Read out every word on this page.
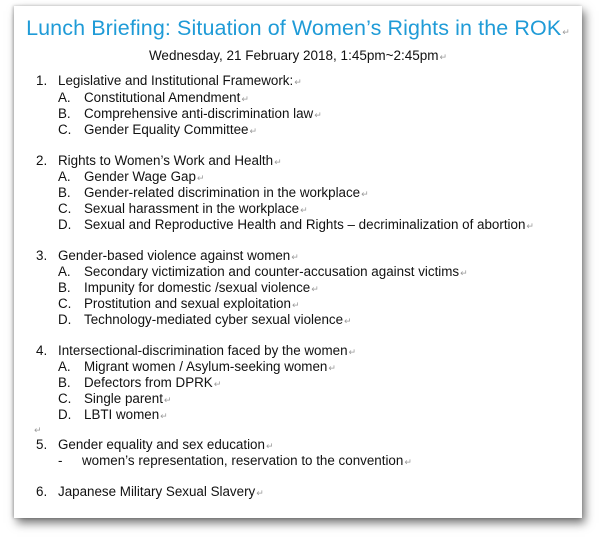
Lunch Briefing: Situation of Women’s Rights in the ROK↵
Wednesday, 21 February 2018, 1:45pm~2:45pm↵
1. Legislative and Institutional Framework:↵
A. Constitutional Amendment↵
B. Comprehensive anti-discrimination law↵
C. Gender Equality Committee↵
2. Rights to Women’s Work and Health↵
A. Gender Wage Gap↵
B. Gender-related discrimination in the workplace↵
C. Sexual harassment in the workplace↵
D. Sexual and Reproductive Health and Rights – decriminalization of abortion↵
3. Gender-based violence against women↵
A. Secondary victimization and counter-accusation against victims↵
B. Impunity for domestic /sexual violence↵
C. Prostitution and sexual exploitation↵
D. Technology-mediated cyber sexual violence↵
4. Intersectional-discrimination faced by the women↵
A. Migrant women / Asylum-seeking women↵
B. Defectors from DPRK↵
C. Single parent↵
D. LBTI women↵
↵
5. Gender equality and sex education↵
- women’s representation, reservation to the convention↵
6. Japanese Military Sexual Slavery↵
